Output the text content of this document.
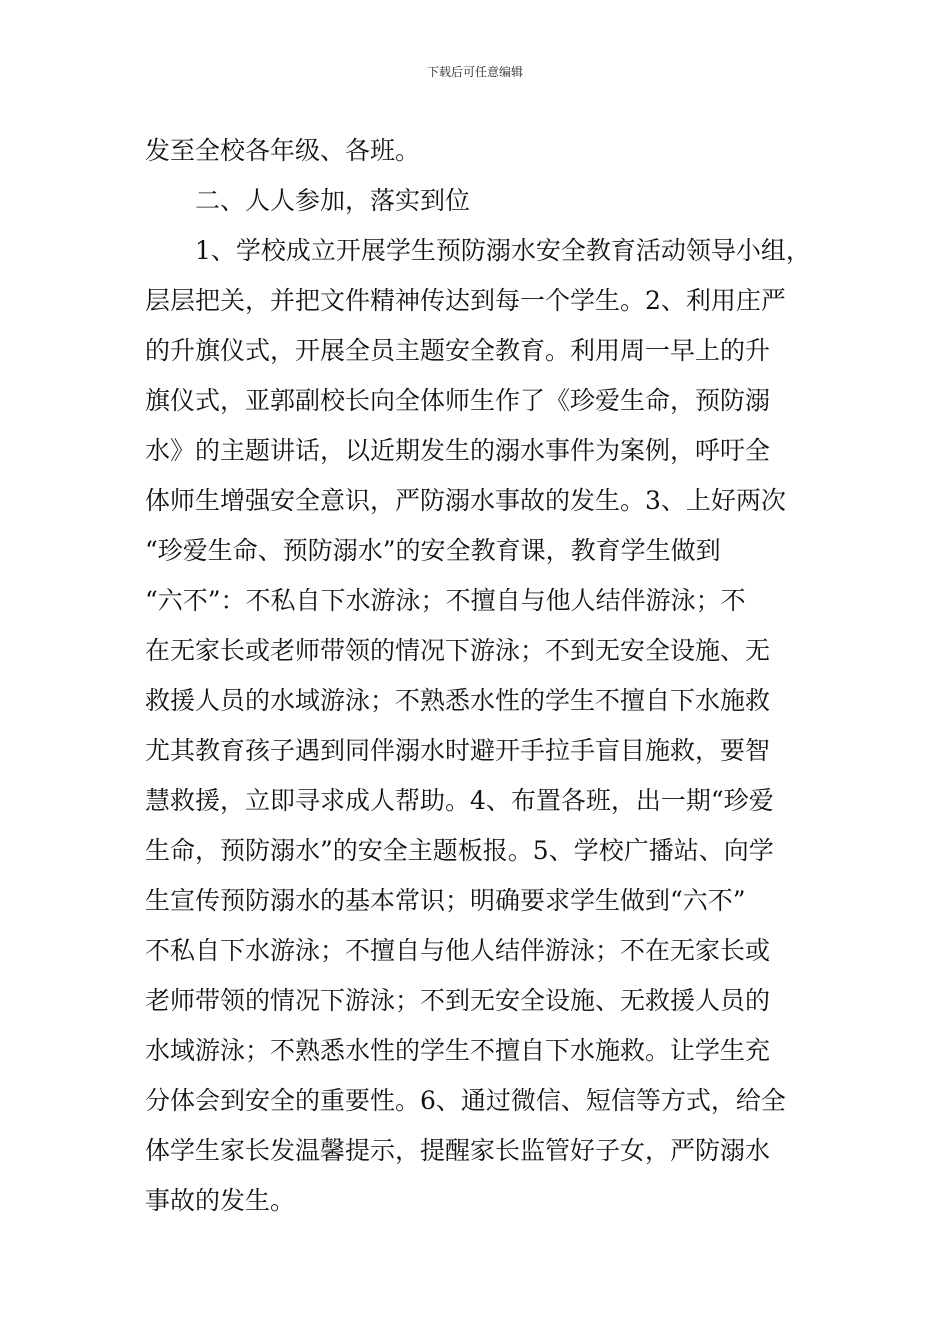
下载后可任意编辑
发至全校各年级、各班。
二、人人参加，落实到位
1、学校成立开展学生预防溺水安全教育活动领导小组，
层层把关，并把文件精神传达到每一个学生。2、利用庄严
的升旗仪式，开展全员主题安全教育。利用周一早上的升
旗仪式，亚郭副校长向全体师生作了《珍爱生命，预防溺
水》的主题讲话，以近期发生的溺水事件为案例，呼吁全
体师生增强安全意识，严防溺水事故的发生。3、上好两次
“珍爱生命、预防溺水”的安全教育课，教育学生做到
“六不”：不私自下水游泳；不擅自与他人结伴游泳；不
在无家长或老师带领的情况下游泳；不到无安全设施、无
救援人员的水域游泳；不熟悉水性的学生不擅自下水施救
尤其教育孩子遇到同伴溺水时避开手拉手盲目施救，要智
慧救援，立即寻求成人帮助。4、布置各班，出一期“珍爱
生命，预防溺水”的安全主题板报。5、学校广播站、向学
生宣传预防溺水的基本常识；明确要求学生做到“六不”
不私自下水游泳；不擅自与他人结伴游泳；不在无家长或
老师带领的情况下游泳；不到无安全设施、无救援人员的
水域游泳；不熟悉水性的学生不擅自下水施救。让学生充
分体会到安全的重要性。6、通过微信、短信等方式，给全
体学生家长发温馨提示，提醒家长监管好子女，严防溺水
事故的发生。
